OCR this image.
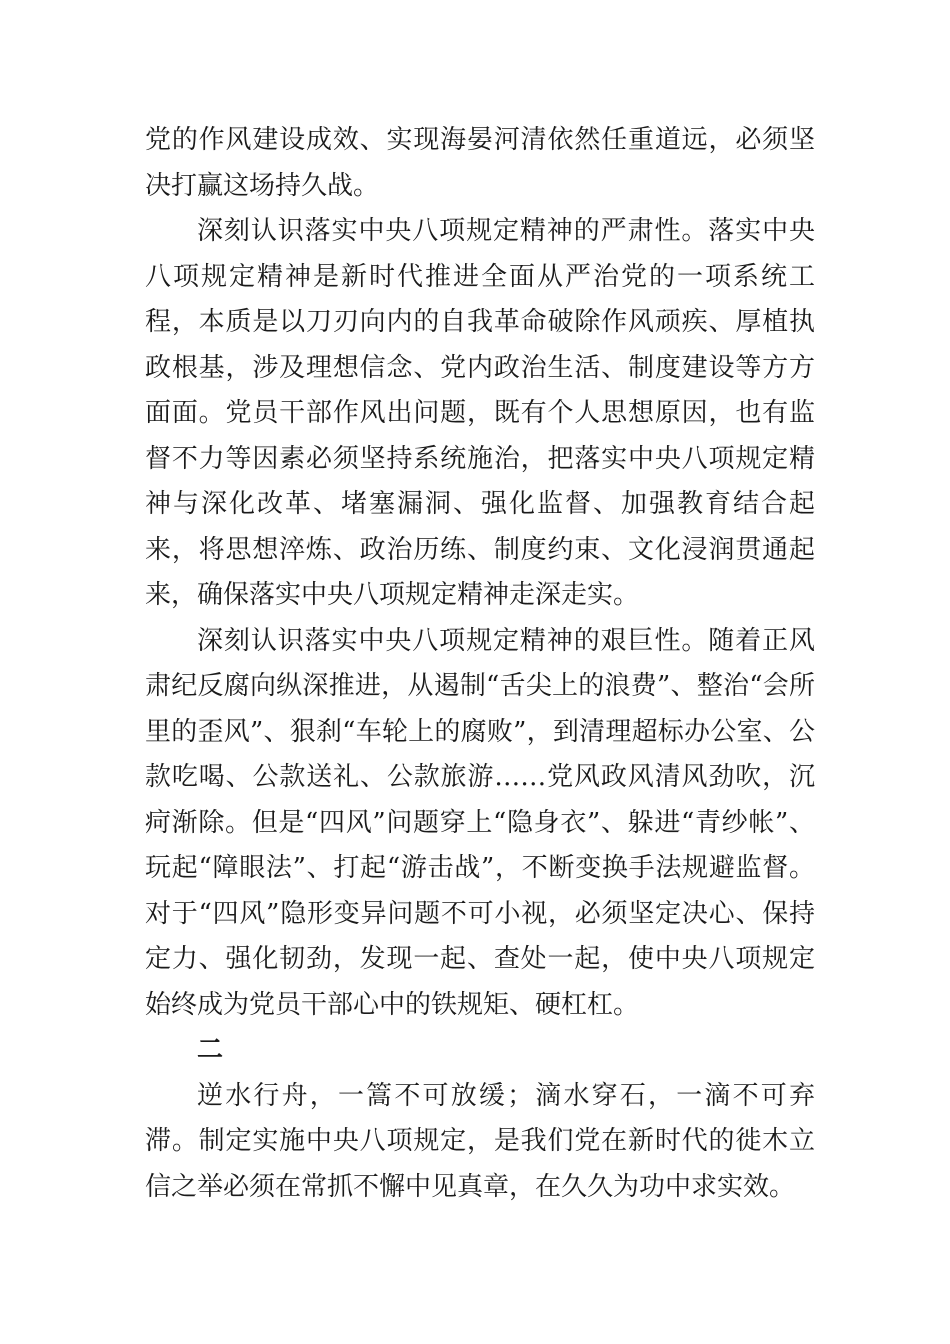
党的作风建设成效、实现海晏河清依然任重道远，必须坚决打赢这场持久战。

深刻认识落实中央八项规定精神的严肃性。落实中央八项规定精神是新时代推进全面从严治党的一项系统工程，本质是以刀刃向内的自我革命破除作风顽疾、厚植执政根基，涉及理想信念、党内政治生活、制度建设等方方面面。党员干部作风出问题，既有个人思想原因，也有监督不力等因素必须坚持系统施治，把落实中央八项规定精神与深化改革、堵塞漏洞、强化监督、加强教育结合起来，将思想淬炼、政治历练、制度约束、文化浸润贯通起来，确保落实中央八项规定精神走深走实。

深刻认识落实中央八项规定精神的艰巨性。随着正风肃纪反腐向纵深推进，从遏制“舌尖上的浪费”、整治“会所里的歪风”、狠刹“车轮上的腐败”，到清理超标办公室、公款吃喝、公款送礼、公款旅游……党风政风清风劲吹，沉疴渐除。但是“四风”问题穿上“隐身衣”、躲进“青纱帐”、玩起“障眼法”、打起“游击战”，不断变换手法规避监督。对于“四风”隐形变异问题不可小视，必须坚定决心、保持定力、强化韧劲，发现一起、查处一起，使中央八项规定始终成为党员干部心中的铁规矩、硬杠杠。

二

逆水行舟，一篙不可放缓；滴水穿石，一滴不可弃滞。制定实施中央八项规定，是我们党在新时代的徙木立信之举必须在常抓不懈中见真章，在久久为功中求实效。
